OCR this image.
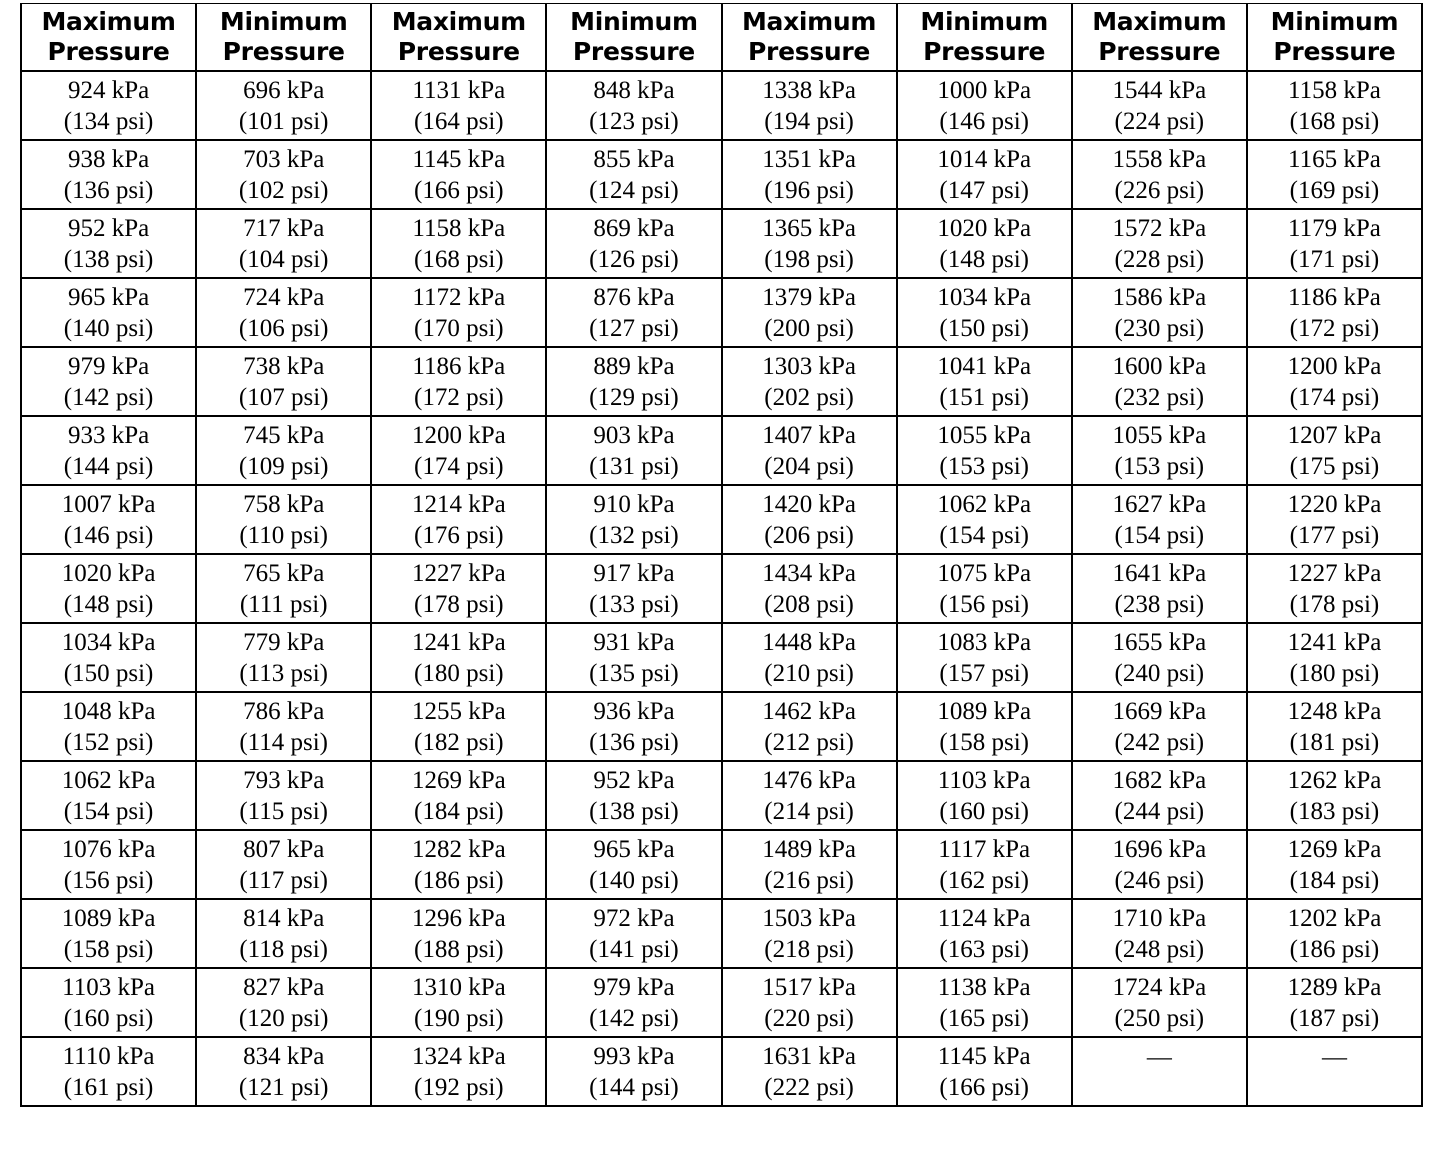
Maximum
Pressure	Minimum
Pressure	Maximum
Pressure	Minimum
Pressure	Maximum
Pressure	Minimum
Pressure	Maximum
Pressure	Minimum
Pressure

924 kPa
(134 psi)	696 kPa
(101 psi)	1131 kPa
(164 psi)	848 kPa
(123 psi)	1338 kPa
(194 psi)	1000 kPa
(146 psi)	1544 kPa
(224 psi)	1158 kPa
(168 psi)

938 kPa
(136 psi)	703 kPa
(102 psi)	1145 kPa
(166 psi)	855 kPa
(124 psi)	1351 kPa
(196 psi)	1014 kPa
(147 psi)	1558 kPa
(226 psi)	1165 kPa
(169 psi)

952 kPa
(138 psi)	717 kPa
(104 psi)	1158 kPa
(168 psi)	869 kPa
(126 psi)	1365 kPa
(198 psi)	1020 kPa
(148 psi)	1572 kPa
(228 psi)	1179 kPa
(171 psi)

965 kPa
(140 psi)	724 kPa
(106 psi)	1172 kPa
(170 psi)	876 kPa
(127 psi)	1379 kPa
(200 psi)	1034 kPa
(150 psi)	1586 kPa
(230 psi)	1186 kPa
(172 psi)

979 kPa
(142 psi)	738 kPa
(107 psi)	1186 kPa
(172 psi)	889 kPa
(129 psi)	1303 kPa
(202 psi)	1041 kPa
(151 psi)	1600 kPa
(232 psi)	1200 kPa
(174 psi)

933 kPa
(144 psi)	745 kPa
(109 psi)	1200 kPa
(174 psi)	903 kPa
(131 psi)	1407 kPa
(204 psi)	1055 kPa
(153 psi)	1055 kPa
(153 psi)	1207 kPa
(175 psi)

1007 kPa
(146 psi)	758 kPa
(110 psi)	1214 kPa
(176 psi)	910 kPa
(132 psi)	1420 kPa
(206 psi)	1062 kPa
(154 psi)	1627 kPa
(154 psi)	1220 kPa
(177 psi)

1020 kPa
(148 psi)	765 kPa
(111 psi)	1227 kPa
(178 psi)	917 kPa
(133 psi)	1434 kPa
(208 psi)	1075 kPa
(156 psi)	1641 kPa
(238 psi)	1227 kPa
(178 psi)

1034 kPa
(150 psi)	779 kPa
(113 psi)	1241 kPa
(180 psi)	931 kPa
(135 psi)	1448 kPa
(210 psi)	1083 kPa
(157 psi)	1655 kPa
(240 psi)	1241 kPa
(180 psi)

1048 kPa
(152 psi)	786 kPa
(114 psi)	1255 kPa
(182 psi)	936 kPa
(136 psi)	1462 kPa
(212 psi)	1089 kPa
(158 psi)	1669 kPa
(242 psi)	1248 kPa
(181 psi)

1062 kPa
(154 psi)	793 kPa
(115 psi)	1269 kPa
(184 psi)	952 kPa
(138 psi)	1476 kPa
(214 psi)	1103 kPa
(160 psi)	1682 kPa
(244 psi)	1262 kPa
(183 psi)

1076 kPa
(156 psi)	807 kPa
(117 psi)	1282 kPa
(186 psi)	965 kPa
(140 psi)	1489 kPa
(216 psi)	1117 kPa
(162 psi)	1696 kPa
(246 psi)	1269 kPa
(184 psi)

1089 kPa
(158 psi)	814 kPa
(118 psi)	1296 kPa
(188 psi)	972 kPa
(141 psi)	1503 kPa
(218 psi)	1124 kPa
(163 psi)	1710 kPa
(248 psi)	1202 kPa
(186 psi)

1103 kPa
(160 psi)	827 kPa
(120 psi)	1310 kPa
(190 psi)	979 kPa
(142 psi)	1517 kPa
(220 psi)	1138 kPa
(165 psi)	1724 kPa
(250 psi)	1289 kPa
(187 psi)

1110 kPa
(161 psi)	834 kPa
(121 psi)	1324 kPa
(192 psi)	993 kPa
(144 psi)	1631 kPa
(222 psi)	1145 kPa
(166 psi)	—	—
